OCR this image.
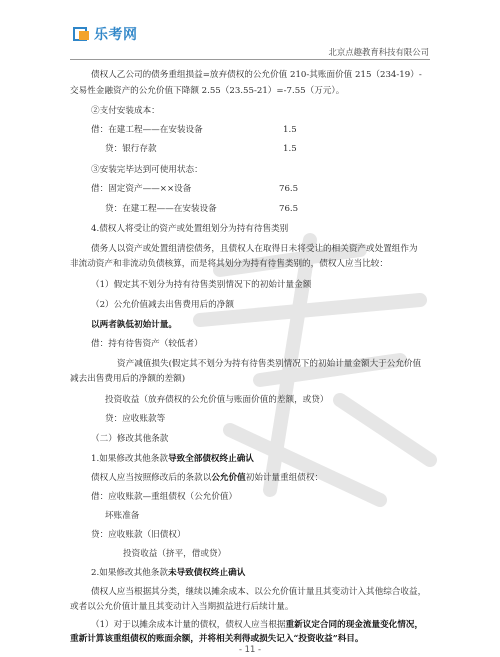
乐考网
北京点趣教育科技有限公司
债权人乙公司的债务重组损益=放弃债权的公允价值 210-其账面价值 215（234-19）-
交易性金融资产的公允价值下降额 2.55（23.55-21）=-7.55（万元）。
②支付安装成本：
借：在建工程——在安装设备	1.5
贷：银行存款	1.5
③安装完毕达到可使用状态：
借：固定资产——××设备	76.5
贷：在建工程——在安装设备	76.5
4.债权人将受让的资产或处置组划分为持有待售类别
债务人以资产或处置组清偿债务，且债权人在取得日未将受让的相关资产或处置组作为
非流动资产和非流动负债核算，而是将其划分为持有待售类别的，债权人应当比较：
（1）假定其不划分为持有待售类别情况下的初始计量金额
（2）公允价值减去出售费用后的净额
以两者孰低初始计量。
借：持有待售资产（较低者）
资产减值损失(假定其不划分为持有待售类别情况下的初始计量金额大于公允价值
减去出售费用后的净额的差额)
投资收益（放弃债权的公允价值与账面价值的差额，或贷）
贷：应收账款等
（二）修改其他条款
1.如果修改其他条款导致全部债权终止确认
债权人应当按照修改后的条款以公允价值初始计量重组债权：
借：应收账款—重组债权（公允价值）
坏账准备
贷：应收账款（旧债权）
投资收益（挤平，借或贷）
2.如果修改其他条款未导致债权终止确认
债权人应当根据其分类，继续以摊余成本、以公允价值计量且其变动计入其他综合收益，
或者以公允价值计量且其变动计入当期损益进行后续计量。
（1）对于以摊余成本计量的债权，债权人应当根据重新议定合同的现金流量变化情况，
重新计算该重组债权的账面余额，并将相关利得或损失记入“投资收益”科目。
- 11 -
